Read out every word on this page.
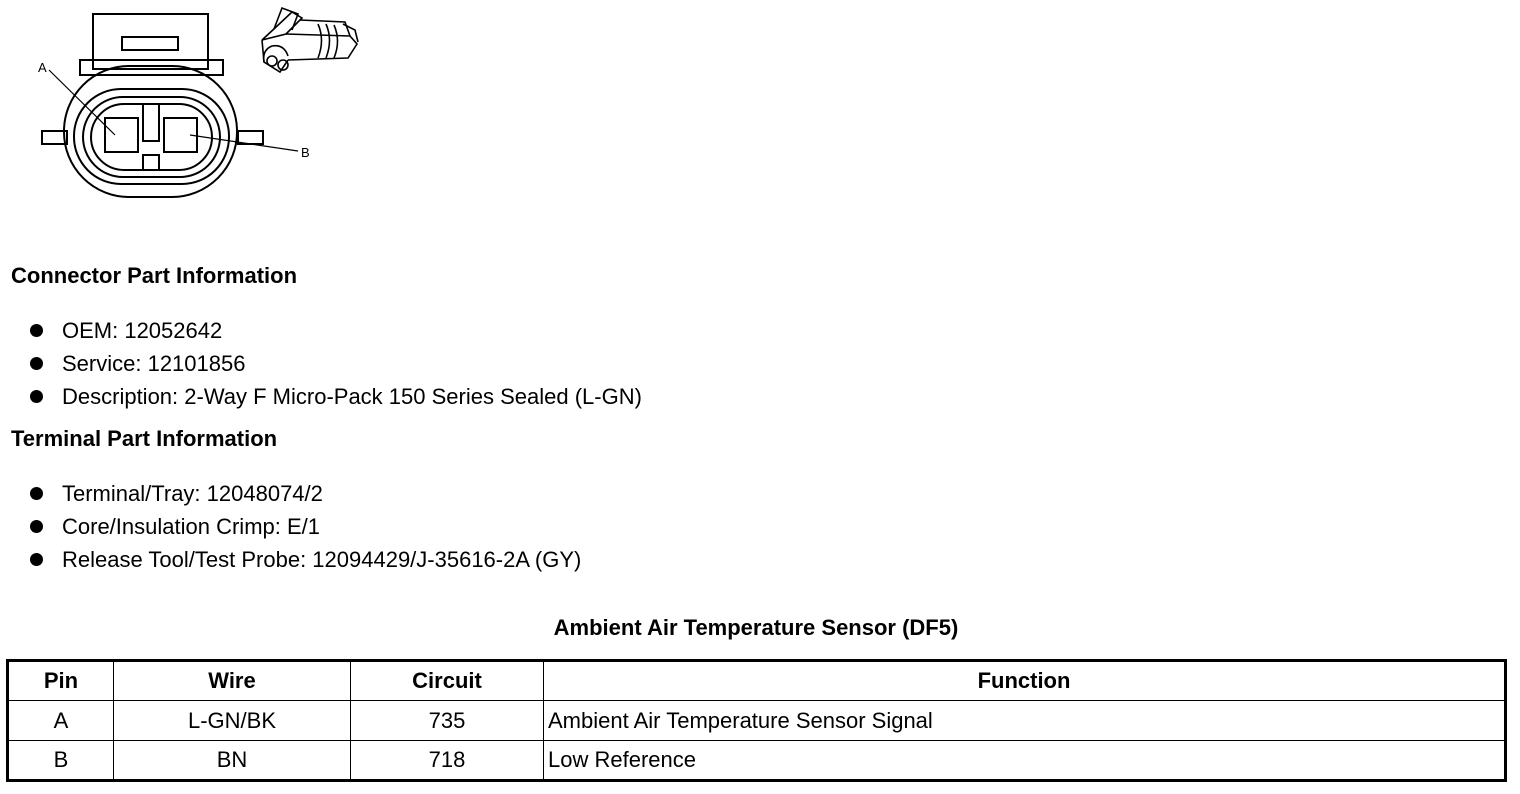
A
B
Connector Part Information
OEM: 12052642
Service: 12101856
Description: 2-Way F Micro-Pack 150 Series Sealed (L-GN)
Terminal Part Information
Terminal/Tray: 12048074/2
Core/Insulation Crimp: E/1
Release Tool/Test Probe: 12094429/J-35616-2A (GY)
Ambient Air Temperature Sensor (DF5)
Pin	Wire	Circuit	Function
A	L-GN/BK	735	Ambient Air Temperature Sensor Signal
B	BN	718	Low Reference
